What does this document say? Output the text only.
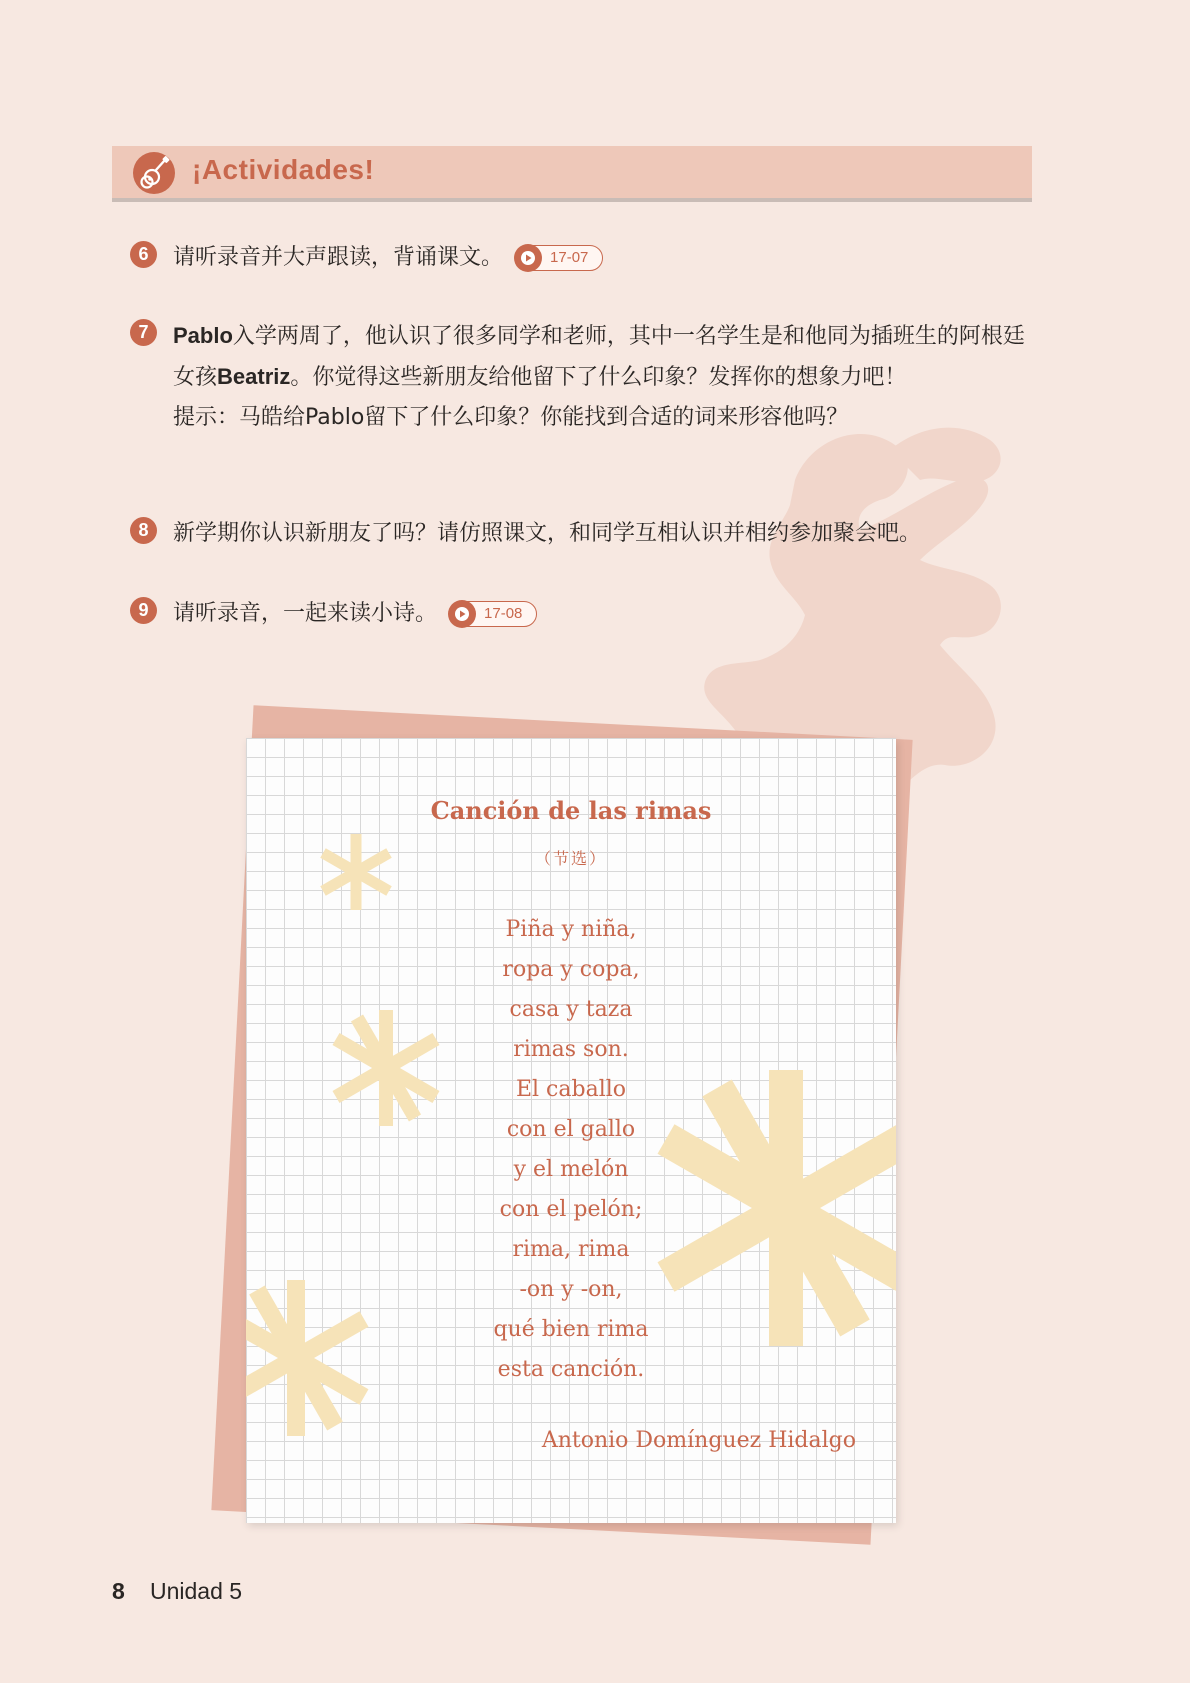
¡Actividades!
6	请听录音并大声跟读，背诵课文。	17-07
7	Pablo入学两周了，他认识了很多同学和老师，其中一名学生是和他同为插班生的阿根廷女孩Beatriz。你觉得这些新朋友给他留下了什么印象？发挥你的想象力吧！
提示：马皓给Pablo留下了什么印象？你能找到合适的词来形容他吗？
8	新学期你认识新朋友了吗？请仿照课文，和同学互相认识并相约参加聚会吧。
9	请听录音，一起来读小诗。	17-08
Canción de las rimas
（节选）
Piña y niña,
ropa y copa,
casa y taza
rimas son.
El caballo
con el gallo
y el melón
con el pelón;
rima, rima
-on y -on,
qué bien rima
esta canción.
Antonio Domínguez Hidalgo
8 Unidad 5
